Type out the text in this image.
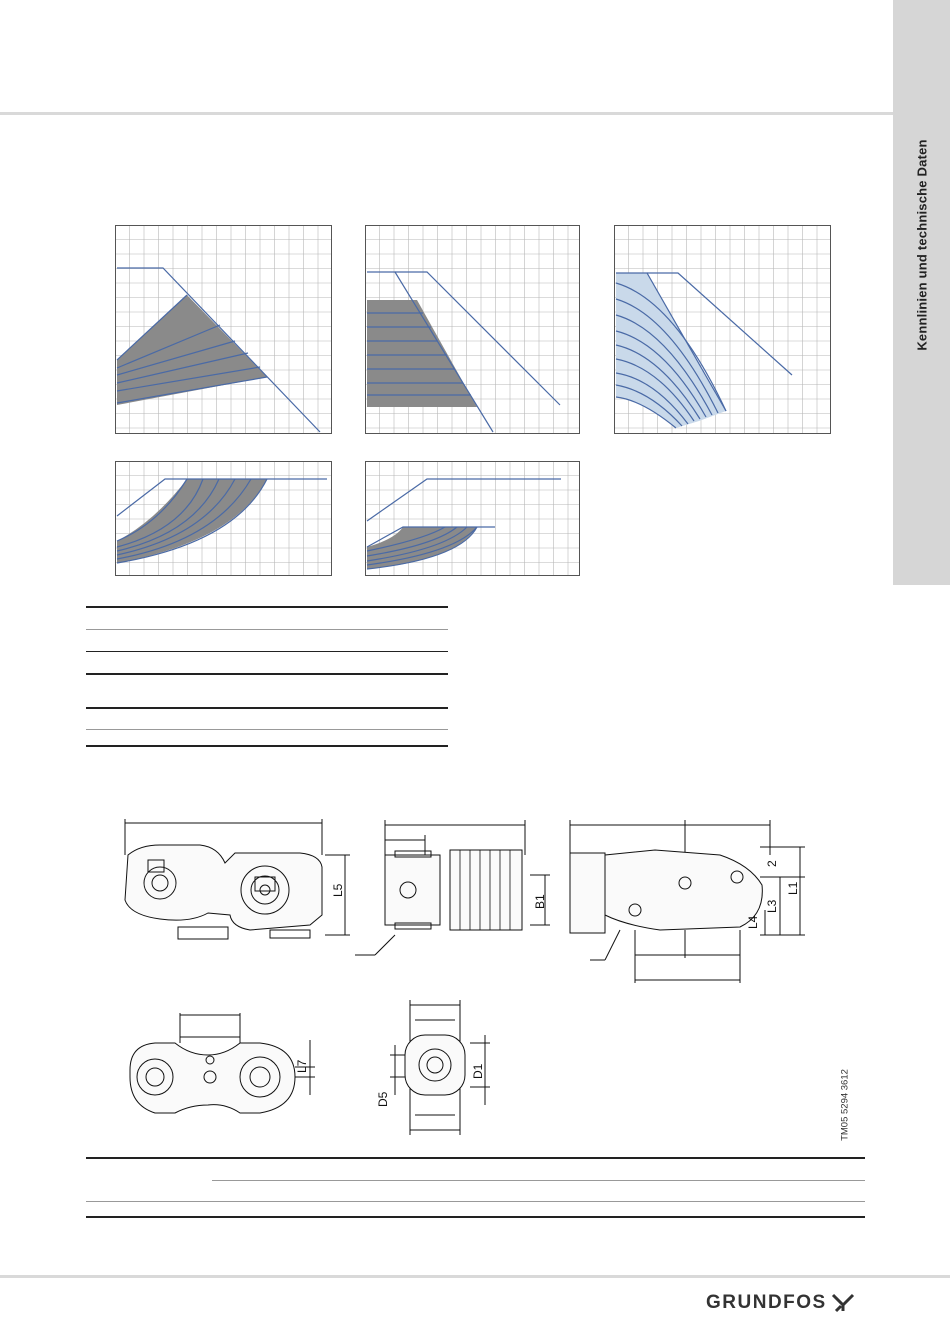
Kennlinien und technische Daten
L5
B1
2
L1
L3
L4
L7
D5
D1	TM05 5294 3612
GRUNDFOS
